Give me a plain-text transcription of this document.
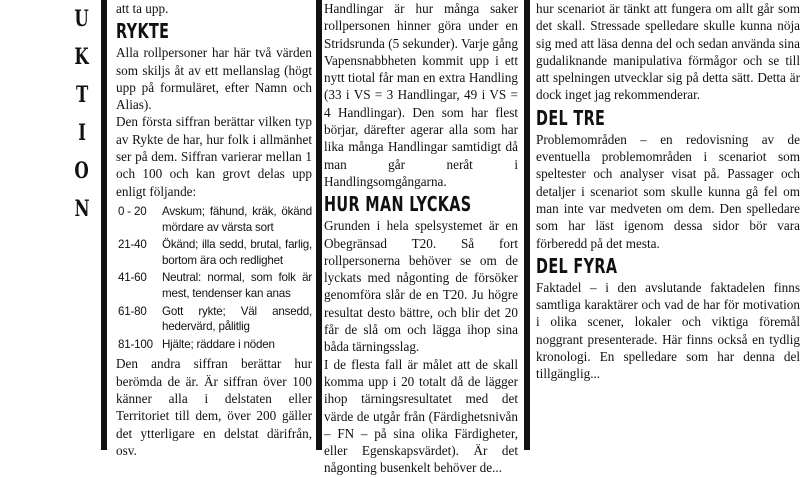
U
K
T
I
O
N

att ta upp.

RYKTE

Alla rollpersoner har här två värden som skiljs åt av ett mellanslag (högt upp på formuläret, efter Namn och Alias).

Den första siffran berättar vilken typ av Rykte de har, hur folk i allmänhet ser på dem. Siffran varierar mellan 1 och 100 och kan grovt delas upp enligt följande:

0 - 20	Avskum; fähund, kräk, ökänd mördare av värsta sort
21-40	Ökänd; illa sedd, brutal, farlig, bortom ära och redlighet
41-60	Neutral: normal, som folk är mest, tendenser kan anas
61-80	Gott rykte; Väl ansedd, hedervärd, pålitlig
81-100	Hjälte; räddare i nöden

Den andra siffran berättar hur berömda de är. Är siffran över 100 känner alla i delstaten eller Territoriet till dem, över 200 gäller det ytterligare en delstat därifrån, osv.

Handlingar är hur många saker rollpersonen hinner göra under en Stridsrunda (5 sekunder). Varje gång Vapensnabbheten kommit upp i ett nytt tiotal får man en extra Handling (33 i VS = 3 Handlingar, 49 i VS = 4 Handlingar). Den som har flest börjar, därefter agerar alla som har lika många Handlingar samtidigt då man går neråt i Handlingsomgångarna.

HUR MAN LYCKAS

Grunden i hela spelsystemet är en Obegränsad T20. Så fort rollpersonerna behöver se om de lyckats med någonting de försöker genomföra slår de en T20. Ju högre resultat desto bättre, och blir det 20 får de slå om och lägga ihop sina båda tärningsslag.

I de flesta fall är målet att de skall komma upp i 20 totalt då de lägger ihop tärningsresultatet med det värde de utgår från (Färdighetsnivån – FN – på sina olika Färdigheter, eller Egenskapsvärdet). Är det någonting busenkelt behöver de...

hur scenariot är tänkt att fungera om allt går som det skall. Stressade spelledare skulle kunna nöja sig med att läsa denna del och sedan använda sina gudaliknande manipulativa förmågor och se till att spelningen utvecklar sig på detta sätt. Detta är dock inget jag rekommenderar.

DEL TRE

Problemområden – en redovisning av de eventuella problemområden i scenariot som speltester och analyser visat på. Passager och detaljer i scenariot som skulle kunna gå fel om man inte var medveten om dem. Den spelledare som har läst igenom dessa sidor bör vara förberedd på det mesta.

DEL FYRA

Faktadel – i den avslutande faktadelen finns samtliga karaktärer och vad de har för motivation i olika scener, lokaler och viktiga föremål noggrant presenterade. Här finns också en tydlig kronologi. En spelledare som har denna del tillgänglig...
